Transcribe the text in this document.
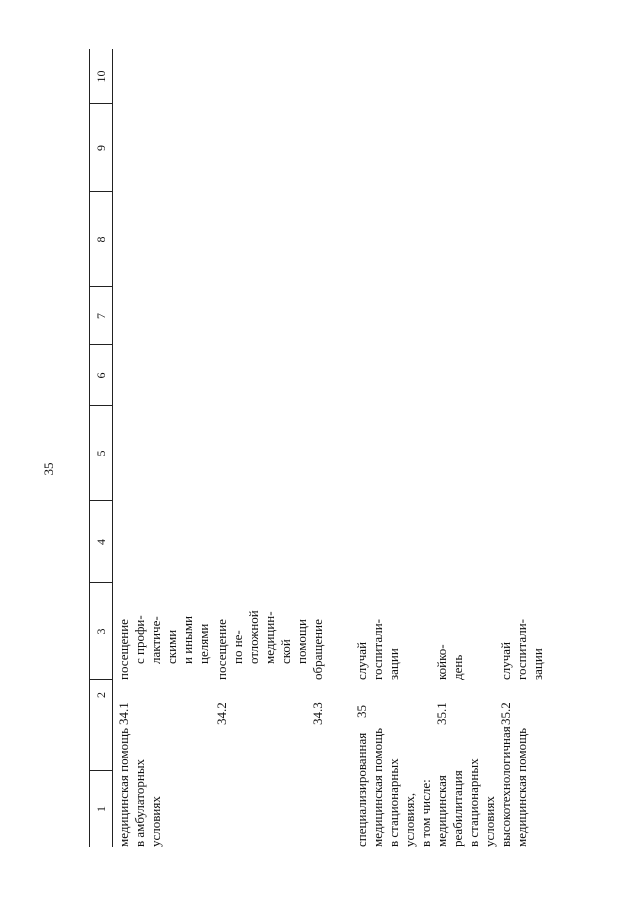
35
1
2
3
4
5
6
7
8
9
10
медицинская помощь в амбулаторных условиях
34.1
посещение с профи- лактиче- скими и иными целями
34.2
посещение по не- отложной медицин- ской помощи
34.3
обращение
специализированная медицинская помощь в стационарных условиях, в том числе: медицинская реабилитация в стационарных условиях высокотехнологичная медицинская помощь
35
случай госпитали- зации
35.1
койко- день
35.2
случай госпитали- зации
